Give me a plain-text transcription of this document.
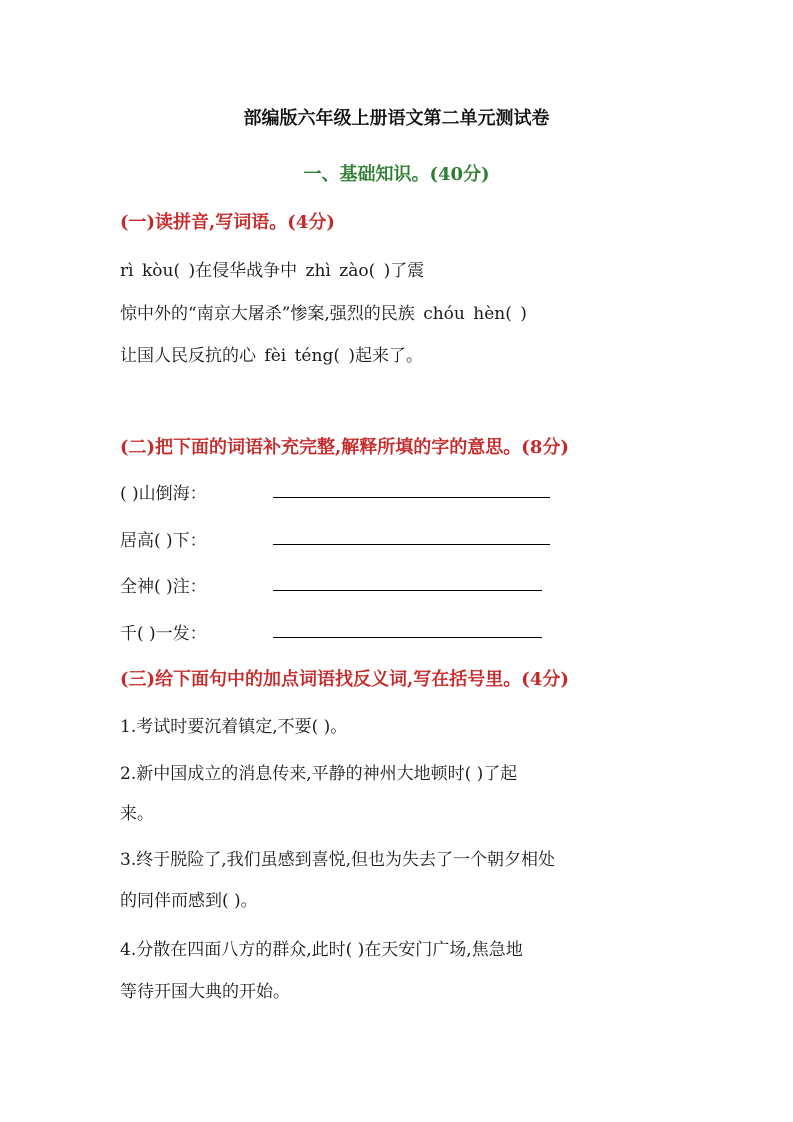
部编版六年级上册语文第二单元测试卷
一、基础知识。(40分)
(一)读拼音,写词语。(4分)
rì kòu( )在侵华战争中 zhì zào( )了震
惊中外的“南京大屠杀”惨案,强烈的民族 chóu hèn( )
让国人民反抗的心 fèi téng( )起来了。
(二)把下面的词语补充完整,解释所填的字的意思。(8分)
( )山倒海：
居高( )下：
全神( )注：
千( )一发：
(三)给下面句中的加点词语找反义词,写在括号里。(4分)
1.考试时要沉着镇定,不要( )。
2.新中国成立的消息传来,平静的神州大地顿时( )了起
来。
3.终于脱险了,我们虽感到喜悦,但也为失去了一个朝夕相处
的同伴而感到( )。
4.分散在四面八方的群众,此时( )在天安门广场,焦急地
等待开国大典的开始。
